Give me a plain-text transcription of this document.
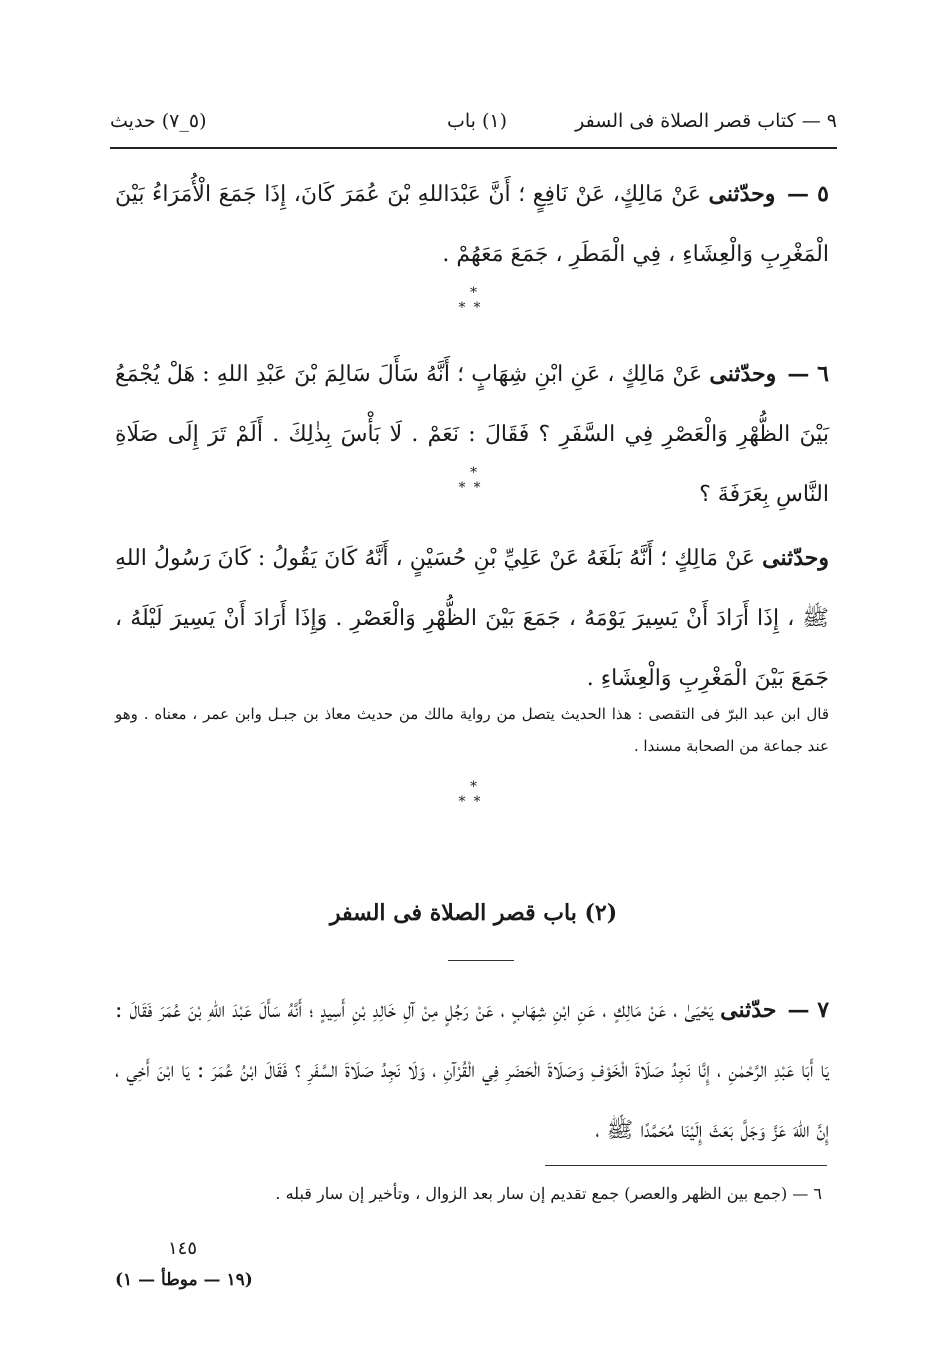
٩ — كتاب قصر الصلاة فى السفر
(١) باب
(٥_٧) حديث

٥ — وحدّثنى عَنْ مَالِكٍ، عَنْ نَافِعٍ ؛ أَنَّ عَبْدَاللهِ بْنَ عُمَرَ كَانَ، إِذَا جَمَعَ الْأُمَرَاءُ بَيْنَ الْمَغْرِبِ وَالْعِشَاءِ ، فِي الْمَطَرِ ، جَمَعَ مَعَهُمْ .

*
**

٦ — وحدّثنى عَنْ مَالِكٍ ، عَنِ ابْنِ شِهَابٍ ؛ أَنَّهُ سَأَلَ سَالِمَ بْنَ عَبْدِ اللهِ : هَلْ يُجْمَعُ بَيْنَ الظُّهْرِ وَالْعَصْرِ فِي السَّفَرِ ؟ فَقَالَ : نَعَمْ . لَا بَأْسَ بِذٰلِكَ . أَلَمْ تَرَ إِلَى صَلَاةِ النَّاسِ بِعَرَفَةَ ؟

*
**

وحدّثنى عَنْ مَالِكٍ ؛ أَنَّهُ بَلَغَهُ عَنْ عَلِيِّ بْنِ حُسَيْنٍ ، أَنَّهُ كَانَ يَقُولُ : كَانَ رَسُولُ اللهِ ﷺ ، إِذَا أَرَادَ أَنْ يَسِيرَ يَوْمَهُ ، جَمَعَ بَيْنَ الظُّهْرِ وَالْعَصْرِ . وَإِذَا أَرَادَ أَنْ يَسِيرَ لَيْلَهُ ، جَمَعَ بَيْنَ الْمَغْرِبِ وَالْعِشَاءِ .

قال ابن عبد البرّ فى التقصى : هذا الحديث يتصل من رواية مالك من حديث معاذ بن جبـل وابن عمر ، معناه . وهو عند جماعة من الصحابة مسندا .

*
**
(٢) باب قصر الصلاة فى السفر

٧ — حدّثنى يَحْيَىٰ ، عَنْ مَالِكٍ ، عَنِ ابْنِ شِهَابٍ ، عَنْ رَجُلٍ مِنْ آلِ خَالِدِ بْنِ أَسِيدٍ ؛ أَنَّهُ سَأَلَ عَبْدَ اللهِ بْنَ عُمَرَ فَقَالَ : يَا أَبَا عَبْدِ الرَّحْمٰنِ ، إِنَّا نَجِدُ صَلَاةَ الْخَوْفِ وَصَلَاةَ الْحَضَرِ فِي الْقُرْآنِ ، وَلَا نَجِدُ صَلَاةَ السَّفَرِ ؟ فَقَالَ ابْنُ عُمَرَ : يَا ابْنَ أَخِي ، إِنَّ اللهَ عَزَّ وَجَلَّ بَعَثَ إِلَيْنَا مُحَمَّدًا ﷺ ،

٦ — (جمع بين الظهر والعصر) جمع تقديم إن سار بعد الزوال ، وتأخير إن سار قبله .

١٤٥
(١٩ — موطأ — ١)
